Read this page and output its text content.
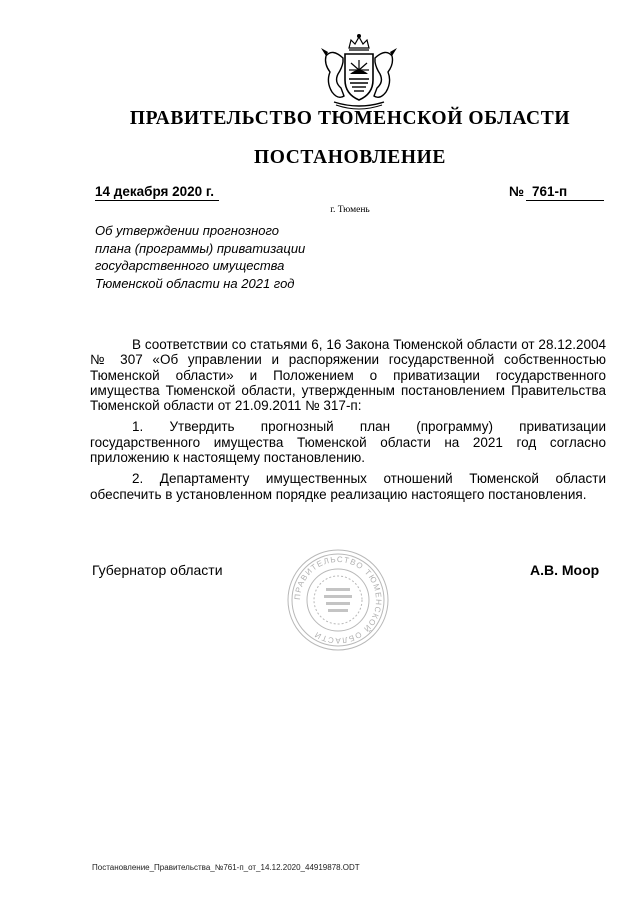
ПРАВИТЕЛЬСТВО ТЮМЕНСКОЙ ОБЛАСТИ
ПОСТАНОВЛЕНИЕ
14 декабря 2020 г.	№ 761-п
г. Тюмень
Об утверждении прогнозного
плана (программы) приватизации
государственного имущества
Тюменской области на 2021 год

В соответствии со статьями 6, 16 Закона Тюменской области от 28.12.2004 № 307 «Об управлении и распоряжении государственной собственностью Тюменской области» и Положением о приватизации государственного имущества Тюменской области, утвержденным постановлением Правительства Тюменской области от 21.09.2011 № 317-п:

1. Утвердить прогнозный план (программу) приватизации государственного имущества Тюменской области на 2021 год согласно приложению к настоящему постановлению.

2. Департаменту имущественных отношений Тюменской области обеспечить в установленном порядке реализацию настоящего постановления.

Губернатор области	А.В. Моор
ПРАВИТЕЛЬСТВО ТЮМЕНСКОЙ ОБЛАСТИ
Постановление_Правительства_№761-п_от_14.12.2020_44919878.ODT
